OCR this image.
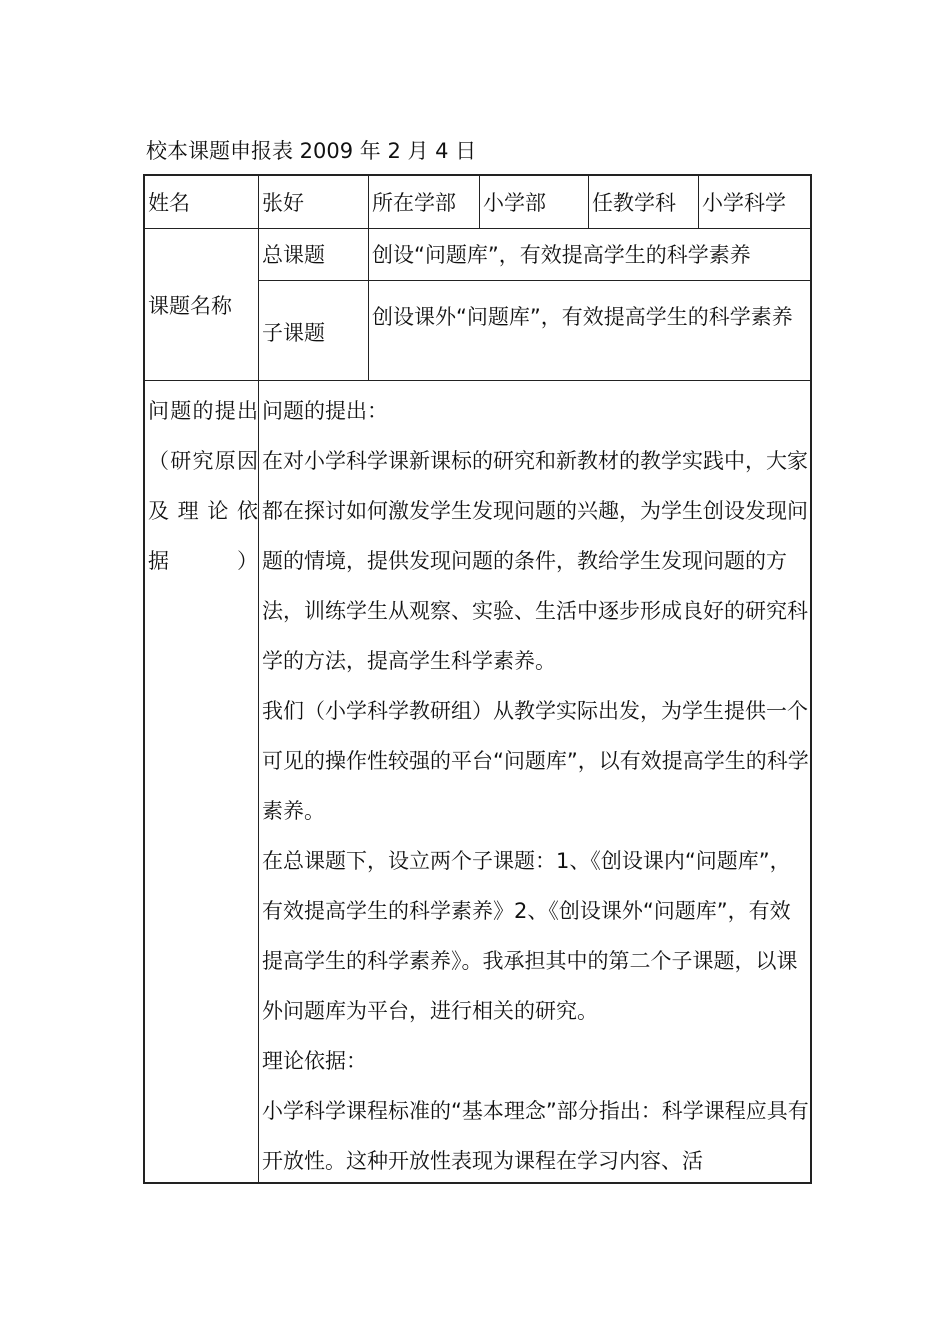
校本课题申报表 2009 年 2 月 4 日
姓名	张好	所在学部 小学部 任教学科 小学科学
课题名称
总课题 创设“问题库”，有效提高学生的科学素养
子课题
创设课外“问题库”，有效提高学生的科学素养
问题的提出（研究原因及理论依据）
问题的提出：
在对小学科学课新课标的研究和新教材的教学实践中，大家都在探讨如何激发学生发现问题的兴趣，为学生创设发现问题的情境，提供发现问题的条件，教给学生发现问题的方法，训练学生从观察、实验、生活中逐步形成良好的研究科学的方法，提高学生科学素养。
我们（小学科学教研组）从教学实际出发，为学生提供一个可见的操作性较强的平台“问题库”，以有效提高学生的科学素养。
在总课题下，设立两个子课题：1、《创设课内“问题库”，有效提高学生的科学素养》2、《创设课外“问题库”，有效提高学生的科学素养》。我承担其中的第二个子课题，以课外问题库为平台，进行相关的研究。
理论依据：
小学科学课程标准的“基本理念”部分指出：科学课程应具有开放性。这种开放性表现为课程在学习内容、活
